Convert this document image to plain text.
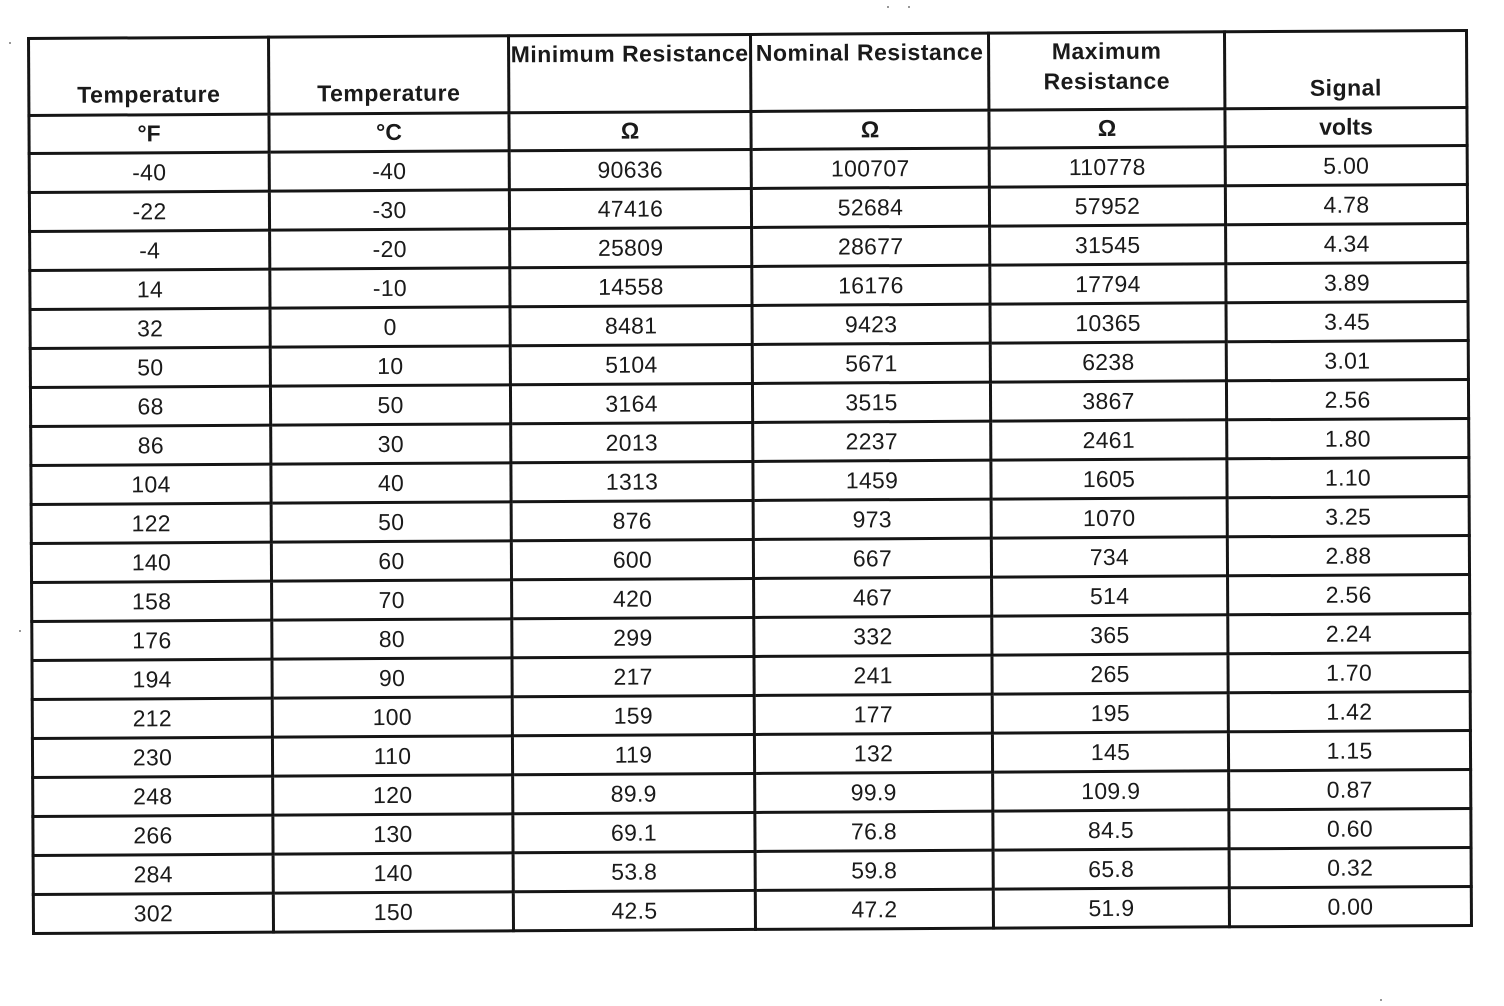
Temperature	Temperature	Minimum Resistance	Nominal Resistance	Maximum Resistance	Signal
°F	°C	Ω	Ω	Ω	volts
-40	-40	90636	100707	110778	5.00
-22	-30	47416	52684	57952	4.78
-4	-20	25809	28677	31545	4.34
14	-10	14558	16176	17794	3.89
32	0	8481	9423	10365	3.45
50	10	5104	5671	6238	3.01
68	50	3164	3515	3867	2.56
86	30	2013	2237	2461	1.80
104	40	1313	1459	1605	1.10
122	50	876	973	1070	3.25
140	60	600	667	734	2.88
158	70	420	467	514	2.56
176	80	299	332	365	2.24
194	90	217	241	265	1.70
212	100	159	177	195	1.42
230	110	119	132	145	1.15
248	120	89.9	99.9	109.9	0.87
266	130	69.1	76.8	84.5	0.60
284	140	53.8	59.8	65.8	0.32
302	150	42.5	47.2	51.9	0.00
